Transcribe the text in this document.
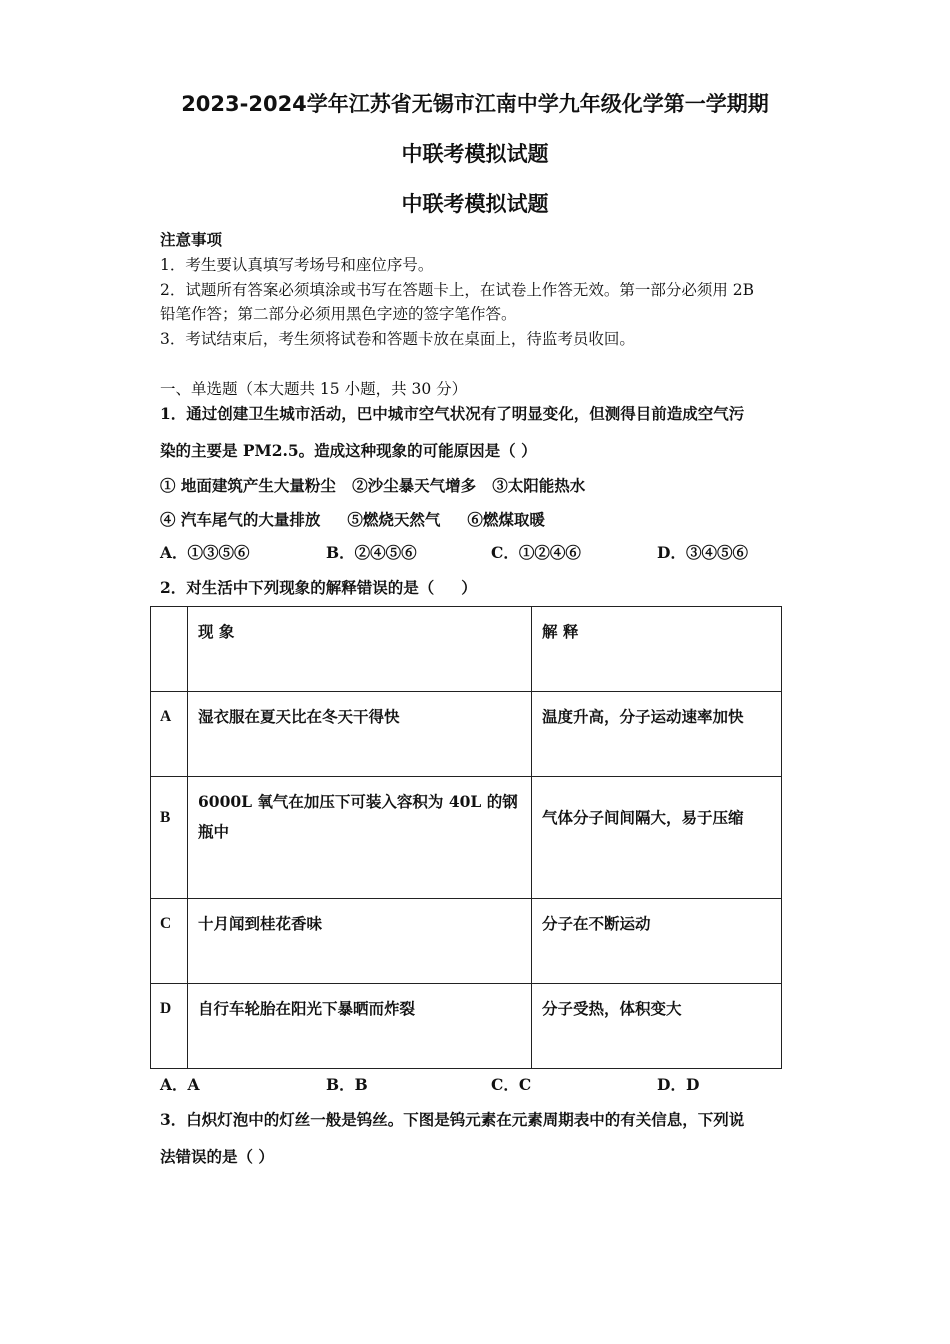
2023-2024学年江苏省无锡市江南中学九年级化学第一学期期
中联考模拟试题
中联考模拟试题
注意事项
1．考生要认真填写考场号和座位序号。
2．试题所有答案必须填涂或书写在答题卡上，在试卷上作答无效。第一部分必须用 2B
铅笔作答；第二部分必须用黑色字迹的签字笔作答。
3．考试结束后，考生须将试卷和答题卡放在桌面上，待监考员收回。
一、单选题（本大题共 15 小题，共 30 分）
1．通过创建卫生城市活动，巴中城市空气状况有了明显变化，但测得目前造成空气污
染的主要是 PM2.5。造成这种现象的可能原因是（ ）
① 地面建筑产生大量粉尘   ②沙尘暴天气增多   ③太阳能热水
④ 汽车尾气的大量排放     ⑤燃烧天然气     ⑥燃煤取暖
A．①③⑤⑥	B．②④⑤⑥	C．①②④⑥	D．③④⑤⑥
2．对生活中下列现象的解释错误的是（     ）
	现 象	解 释
A	湿衣服在夏天比在冬天干得快	温度升高，分子运动速率加快
B	6000L 氧气在加压下可装入容积为 40L 的钢瓶中	气体分子间间隔大，易于压缩
C	十月闻到桂花香味	分子在不断运动
D	自行车轮胎在阳光下暴晒而炸裂	分子受热，体积变大
A．A	B．B	C．C	D．D
3．白炽灯泡中的灯丝一般是钨丝。下图是钨元素在元素周期表中的有关信息，下列说
法错误的是（ ）
